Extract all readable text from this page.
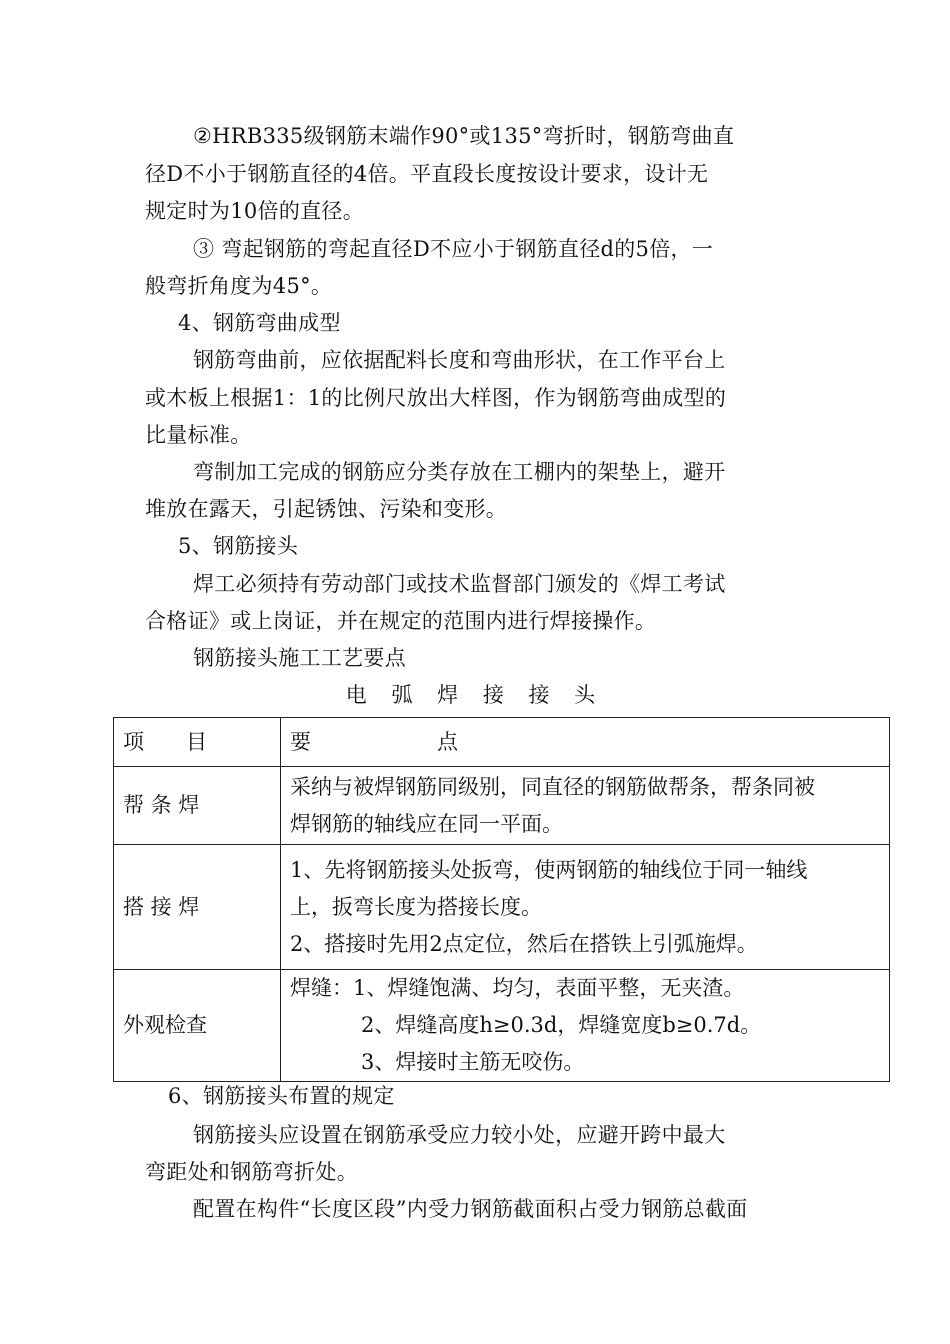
②HRB335级钢筋末端作90°或135°弯折时，钢筋弯曲直
径D不小于钢筋直径的4倍。平直段长度按设计要求，设计无
规定时为10倍的直径。
③ 弯起钢筋的弯起直径D不应小于钢筋直径d的5倍，一
般弯折角度为45°。
4、钢筋弯曲成型
钢筋弯曲前，应依据配料长度和弯曲形状，在工作平台上
或木板上根据1：1的比例尺放出大样图，作为钢筋弯曲成型的
比量标准。
弯制加工完成的钢筋应分类存放在工棚内的架垫上，避开
堆放在露天，引起锈蚀、污染和变形。
5、钢筋接头
焊工必须持有劳动部门或技术监督部门颁发的《焊工考试
合格证》或上岗证，并在规定的范围内进行焊接操作。
钢筋接头施工工艺要点
电 弧 焊 接 接 头
项　　目	要　　　　　　点

帮 条 焊	采纳与被焊钢筋同级别，同直径的钢筋做帮条，帮条同被
焊钢筋的轴线应在同一平面。

搭 接 焊	1、先将钢筋接头处扳弯，使两钢筋的轴线位于同一轴线
上，扳弯长度为搭接长度。
2、搭接时先用2点定位，然后在搭铁上引弧施焊。

外观检查	焊缝：1、焊缝饱满、均匀，表面平整，无夹渣。
2、焊缝高度h≥0.3d，焊缝宽度b≥0.7d。
3、焊接时主筋无咬伤。
6、钢筋接头布置的规定
钢筋接头应设置在钢筋承受应力较小处，应避开跨中最大
弯距处和钢筋弯折处。
配置在构件“长度区段”内受力钢筋截面积占受力钢筋总截面
